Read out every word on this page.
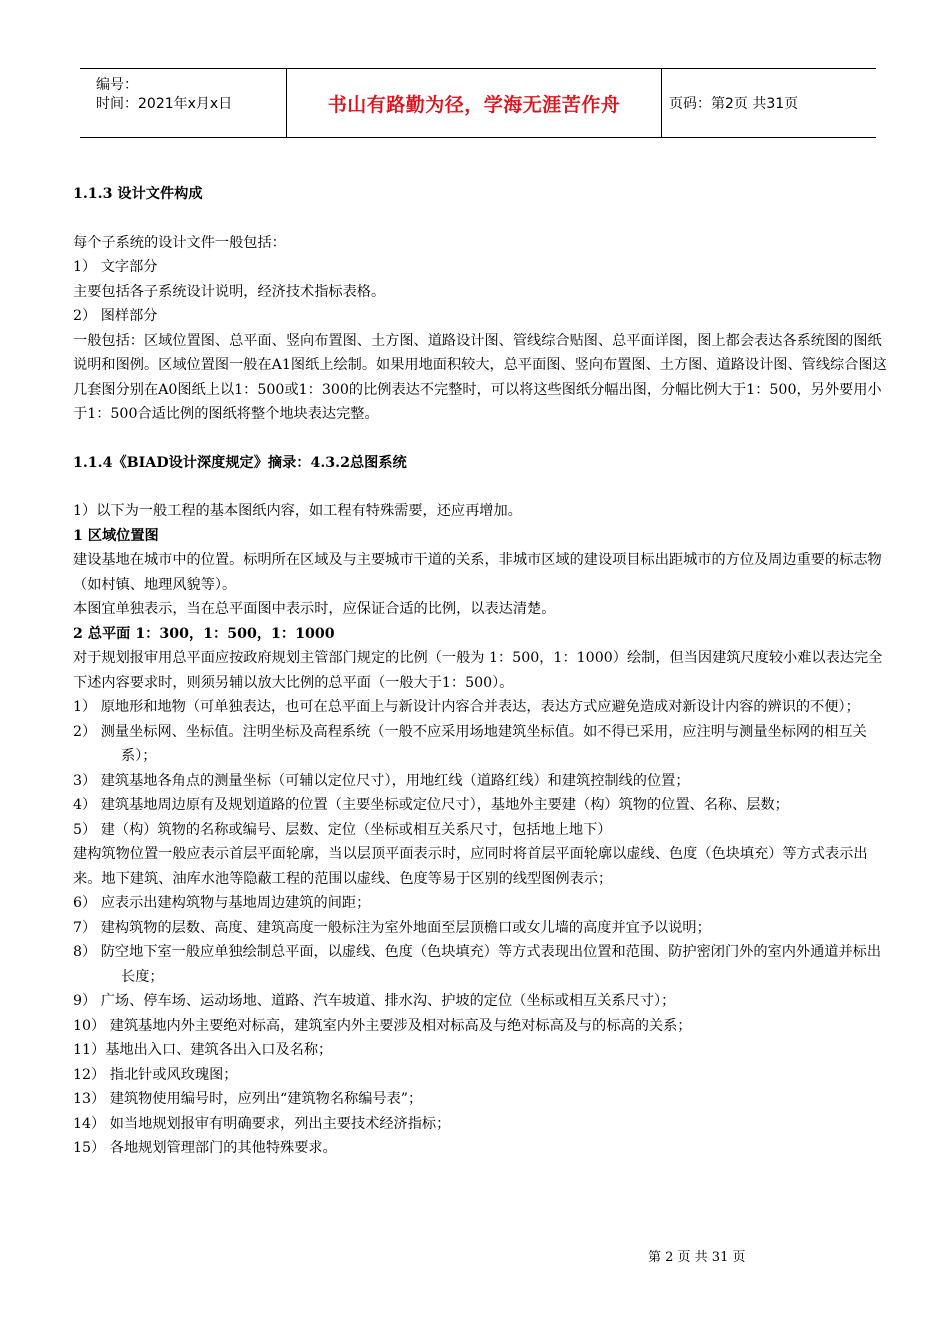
编号：
时间：2021年x月x日	书山有路勤为径，学海无涯苦作舟	页码：第2页 共31页

1.1.3 设计文件构成

每个子系统的设计文件一般包括：

1） 文字部分

主要包括各子系统设计说明，经济技术指标表格。

2） 图样部分

一般包括：区域位置图、总平面、竖向布置图、土方图、道路设计图、管线综合贴图、总平面详图，图上都会表达各系统图的图纸说明和图例。区域位置图一般在A1图纸上绘制。如果用地面积较大，总平面图、竖向布置图、土方图、道路设计图、管线综合图这几套图分别在A0图纸上以1：500或1：300的比例表达不完整时，可以将这些图纸分幅出图，分幅比例大于1：500，另外要用小于1：500合适比例的图纸将整个地块表达完整。

1.1.4《BIAD设计深度规定》摘录：4.3.2总图系统

1）以下为一般工程的基本图纸内容，如工程有特殊需要，还应再增加。

1 区域位置图

建设基地在城市中的位置。标明所在区域及与主要城市干道的关系，非城市区域的建设项目标出距城市的方位及周边重要的标志物（如村镇、地理风貌等）。

本图宜单独表示，当在总平面图中表示时，应保证合适的比例，以表达清楚。

2 总平面 1：300，1：500，1：1000

对于规划报审用总平面应按政府规划主管部门规定的比例（一般为 1：500，1：1000）绘制，但当因建筑尺度较小难以表达完全下述内容要求时，则须另辅以放大比例的总平面（一般大于1：500）。

1） 原地形和地物（可单独表达，也可在总平面上与新设计内容合并表达，表达方式应避免造成对新设计内容的辨识的不便）；

2） 测量坐标网、坐标值。注明坐标及高程系统（一般不应采用场地建筑坐标值。如不得已采用，应注明与测量坐标网的相互关系）；

3） 建筑基地各角点的测量坐标（可辅以定位尺寸），用地红线（道路红线）和建筑控制线的位置；

4） 建筑基地周边原有及规划道路的位置（主要坐标或定位尺寸），基地外主要建（构）筑物的位置、名称、层数；

5） 建（构）筑物的名称或编号、层数、定位（坐标或相互关系尺寸，包括地上地下）

建构筑物位置一般应表示首层平面轮廓，当以层顶平面表示时，应同时将首层平面轮廓以虚线、色度（色块填充）等方式表示出来。地下建筑、油库水池等隐蔽工程的范围以虚线、色度等易于区别的线型图例表示；

6） 应表示出建构筑物与基地周边建筑的间距；

7） 建构筑物的层数、高度、建筑高度一般标注为室外地面至层顶檐口或女儿墙的高度并宜予以说明；

8） 防空地下室一般应单独绘制总平面，以虚线、色度（色块填充）等方式表现出位置和范围、防护密闭门外的室内外通道并标出长度；

9） 广场、停车场、运动场地、道路、汽车坡道、排水沟、护坡的定位（坐标或相互关系尺寸）；

10） 建筑基地内外主要绝对标高，建筑室内外主要涉及相对标高及与绝对标高及与的标高的关系；

11）基地出入口、建筑各出入口及名称；

12） 指北针或风玫瑰图；

13） 建筑物使用编号时，应列出“建筑物名称编号表”；

14） 如当地规划报审有明确要求，列出主要技术经济指标；

15） 各地规划管理部门的其他特殊要求。

第 2 页 共 31 页
